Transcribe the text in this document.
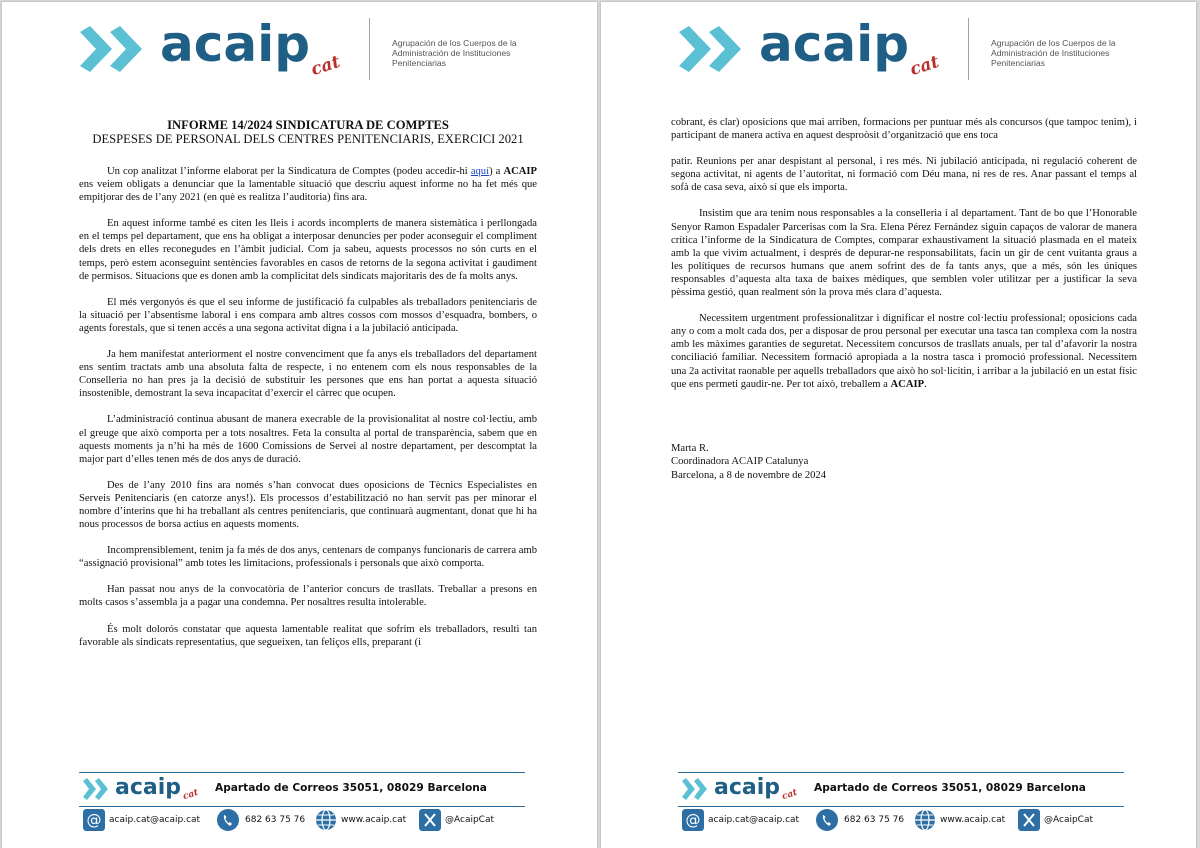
acaip
cat
Agrupación de los Cuerpos de la
Administración de Instituciones
Penitenciarias

INFORME 14/2024 SINDICATURA DE COMPTES

DESPESES DE PERSONAL DELS CENTRES PENITENCIARIS, EXERCICI 2021

Un cop analitzat l’informe elaborat per la Sindicatura de Comptes (podeu accedir-hi aquí) a ACAIP ens veiem obligats a denunciar que la lamentable situació que descriu aquest informe no ha fet més que empitjorar des de l’any 2021 (en què es realitza l’auditoria) fins ara.

En aquest informe també es citen les lleis i acords incomplerts de manera sistemàtica i perllongada en el temps pel departament, que ens ha obligat a interposar denuncies per poder aconseguir el compliment dels drets en elles reconegudes en l’àmbit judicial. Com ja sabeu, aquests processos no són curts en el temps, però estem aconseguint sentències favorables en casos de retorns de la segona activitat i gaudiment de permisos. Situacions que es donen amb la complicitat dels sindicats majoritaris des de fa molts anys.

El més vergonyós és que el seu informe de justificació fa culpables als treballadors penitenciaris de la situació per l’absentisme laboral i ens compara amb altres cossos com mossos d’esquadra, bombers, o agents forestals, que si tenen accés a una segona activitat digna i a la jubilació anticipada.

Ja hem manifestat anteriorment el nostre convenciment que fa anys els treballadors del departament ens sentim tractats amb una absoluta falta de respecte, i no entenem com els nous responsables de la Conselleria no han pres ja la decisió de substituir les persones que ens han portat a aquesta situació insostenible, demostrant la seva incapacitat d’exercir el càrrec que ocupen.

L’administració continua abusant de manera execrable de la provisionalitat al nostre col·lectiu, amb el greuge que això comporta per a tots nosaltres. Feta la consulta al portal de transparència, sabem que en aquests moments ja n’hi ha més de 1600 Comissions de Servei al nostre departament, per descomptat la major part d’elles tenen més de dos anys de duració.

Des de l’any 2010 fins ara només s’han convocat dues oposicions de Tècnics Especialistes en Serveis Penitenciaris (en catorze anys!). Els processos d’estabilització no han servit pas per minorar el nombre d’interins que hi ha treballant als centres penitenciaris, que continuarà augmentant, donat que hi ha nous processos de borsa actius en aquests moments.

Incomprensiblement, tenim ja fa més de dos anys, centenars de companys funcionaris de carrera amb “assignació provisional” amb totes les limitacions, professionals i personals que això comporta.

Han passat nou anys de la convocatòria de l’anterior concurs de trasllats. Treballar a presons en molts casos s’assembla ja a pagar una condemna. Per nosaltres resulta intolerable.

És molt dolorós constatar que aquesta lamentable realitat que sofrim els treballadors, resulti tan favorable als sindicats representatius, que segueixen, tan feliços ells, preparant (i

acaip cat Apartado de Correos 35051, 08029 Barcelona
@ acaip.cat@acaip.cat	682 63 75 76	www.acaip.cat	@AcaipCat
acaip
cat
Agrupación de los Cuerpos de la
Administración de Instituciones
Penitenciarias

cobrant, és clar) oposicions que mai arriben, formacions per puntuar més als concursos (que tampoc tenim), i participant de manera activa en aquest desproòsit d’organització que ens toca

patir. Reunions per anar despistant al personal, i res més. Ni jubilació anticipada, ni regulació coherent de segona activitat, ni agents de l’autoritat, ni formació com Déu mana, ni res de res. Anar passant el temps al sofà de casa seva, això sí que els importa.

Insistim que ara tenim nous responsables a la conselleria i al departament. Tant de bo que l’Honorable Senyor Ramon Espadaler Parcerisas com la Sra. Elena Pérez Fernández siguin capaços de valorar de manera crítica l’informe de la Sindicatura de Comptes, comparar exhaustivament la situació plasmada en el mateix amb la que vivim actualment, i després de depurar-ne responsabilitats, facin un gir de cent vuitanta graus a les polítiques de recursos humans que anem sofrint des de fa tants anys, que a més, són les úniques responsables d’aquesta alta taxa de baixes mèdiques, que semblen voler utilitzar per a justificar la seva pèssima gestió, quan realment són la prova més clara d’aquesta.

Necessitem urgentment professionalitzar i dignificar el nostre col·lectiu professional; oposicions cada any o com a molt cada dos, per a disposar de prou personal per executar una tasca tan complexa com la nostra amb les màximes garanties de seguretat. Necessitem concursos de trasllats anuals, per tal d’afavorir la nostra conciliació familiar. Necessitem formació apropiada a la nostra tasca i promoció professional. Necessitem una 2a activitat raonable per aquells treballadors que això ho sol·licitin, i arribar a la jubilació en un estat físic que ens permeti gaudir-ne. Per tot això, treballem a ACAIP.

Marta R.

Coordinadora ACAIP Catalunya

Barcelona, a 8 de novembre de 2024

acaip cat Apartado de Correos 35051, 08029 Barcelona
@ acaip.cat@acaip.cat	682 63 75 76	www.acaip.cat	@AcaipCat
